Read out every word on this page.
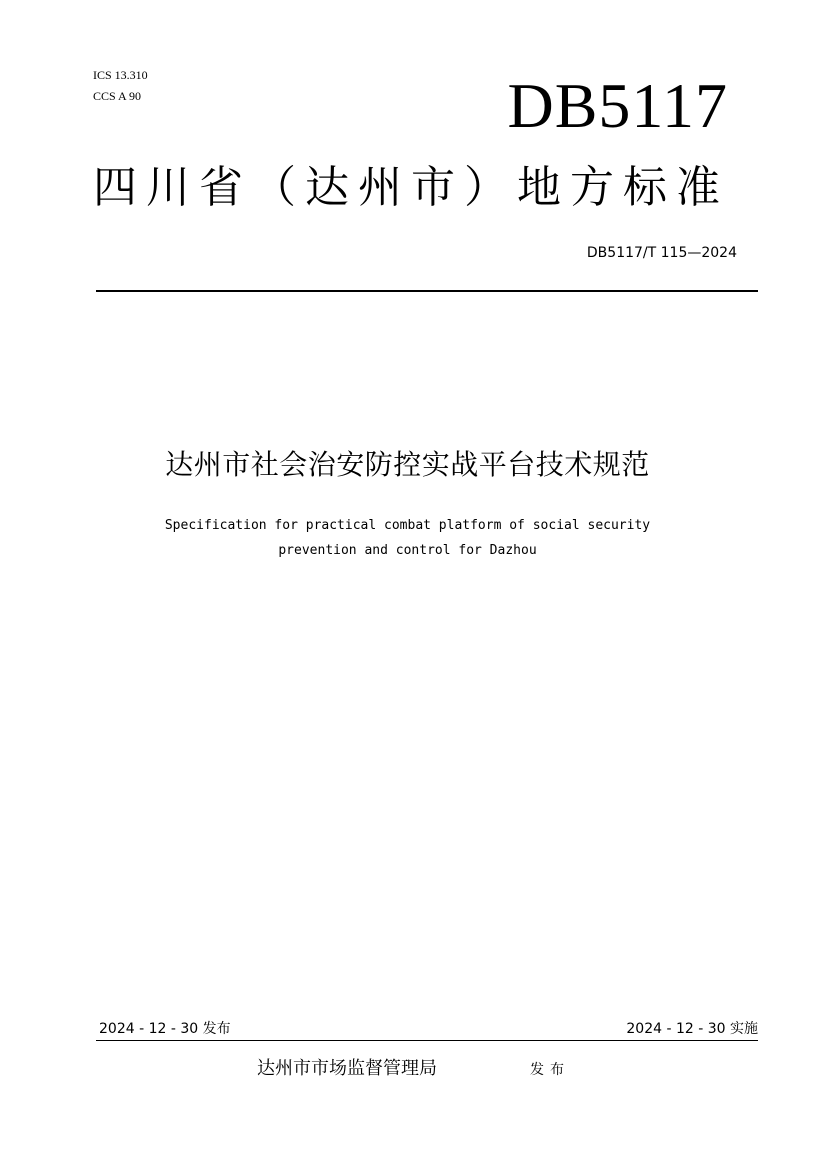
ICS 13.310
CCS A 90	DB5117
四川省（达州市）地方标准
DB5117/T 115—2024
达州市社会治安防控实战平台技术规范
Specification for practical combat platform of social security
prevention and control for Dazhou
2024 - 12 - 30 发布	2024 - 12 - 30 实施
达州市市场监督管理局	发布
